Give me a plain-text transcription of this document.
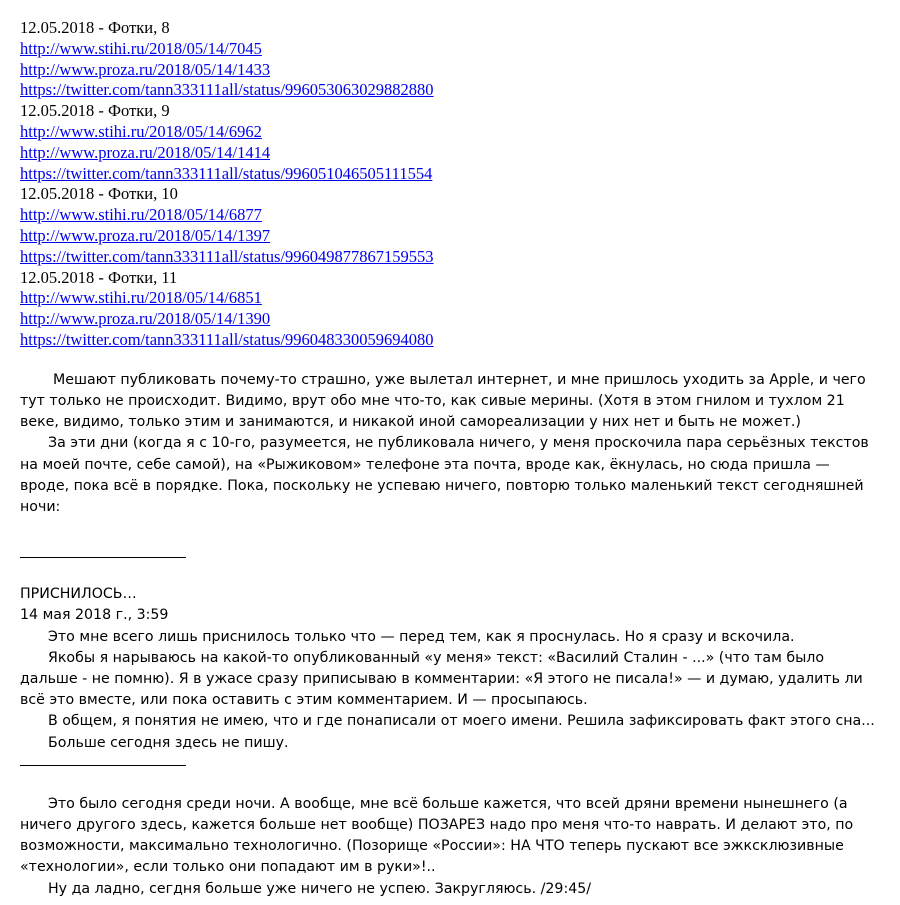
12.05.2018 - Фотки, 8
http://www.stihi.ru/2018/05/14/7045
http://www.proza.ru/2018/05/14/1433
https://twitter.com/tann333111all/status/996053063029882880
12.05.2018 - Фотки, 9
http://www.stihi.ru/2018/05/14/6962
http://www.proza.ru/2018/05/14/1414
https://twitter.com/tann333111all/status/996051046505111554
12.05.2018 - Фотки, 10
http://www.stihi.ru/2018/05/14/6877
http://www.proza.ru/2018/05/14/1397
https://twitter.com/tann333111all/status/996049877867159553
12.05.2018 - Фотки, 11
http://www.stihi.ru/2018/05/14/6851
http://www.proza.ru/2018/05/14/1390
https://twitter.com/tann333111all/status/996048330059694080

Мешают публиковать почему-то страшно, уже вылетал интернет, и мне пришлось уходить за Apple, и чего тут только не происходит. Видимо, врут обо мне что-то, как сивые мерины. (Хотя в этом гнилом и тухлом 21 веке, видимо, только этим и занимаются, и никакой иной самореализации у них нет и быть не может.)

За эти дни (когда я с 10-го, разумеется, не публиковала ничего, у меня проскочила пара серьёзных текстов на моей почте, себе самой), на «Рыжиковом» телефоне эта почта, вроде как, ёкнулась, но сюда пришла — вроде, пока всё в порядке. Пока, поскольку не успеваю ничего, повторю только маленький текст сегодняшней ночи:

ПРИСНИЛОСЬ…

14 мая 2018 г., 3:59

Это мне всего лишь приснилось только что — перед тем, как я проснулась. Но я сразу и вскочила.

Якобы я нарываюсь на какой-то опубликованный «у меня» текст: «Василий Сталин - ...» (что там было дальше - не помню). Я в ужасе сразу приписываю в комментарии: «Я этого не писала!» — и думаю, удалить ли всё это вместе, или пока оставить с этим комментарием. И — просыпаюсь.

В общем, я понятия не имею, что и где понаписали от моего имени. Решила зафиксировать факт этого сна...

Больше сегодня здесь не пишу.

Это было сегодня среди ночи. А вообще, мне всё больше кажется, что всей дряни времени нынешнего (а ничего другого здесь, кажется больше нет вообще) ПОЗАРЕЗ надо про меня что-то наврать. И делают это, по возможности, максимально технологично. (Позорище «России»: НА ЧТО теперь пускают все эжксклюзивные «технологии», если только они попадают им в руки»!..

Ну да ладно, сегдня больше уже ничего не успею. Закругляюсь. /29:45/
